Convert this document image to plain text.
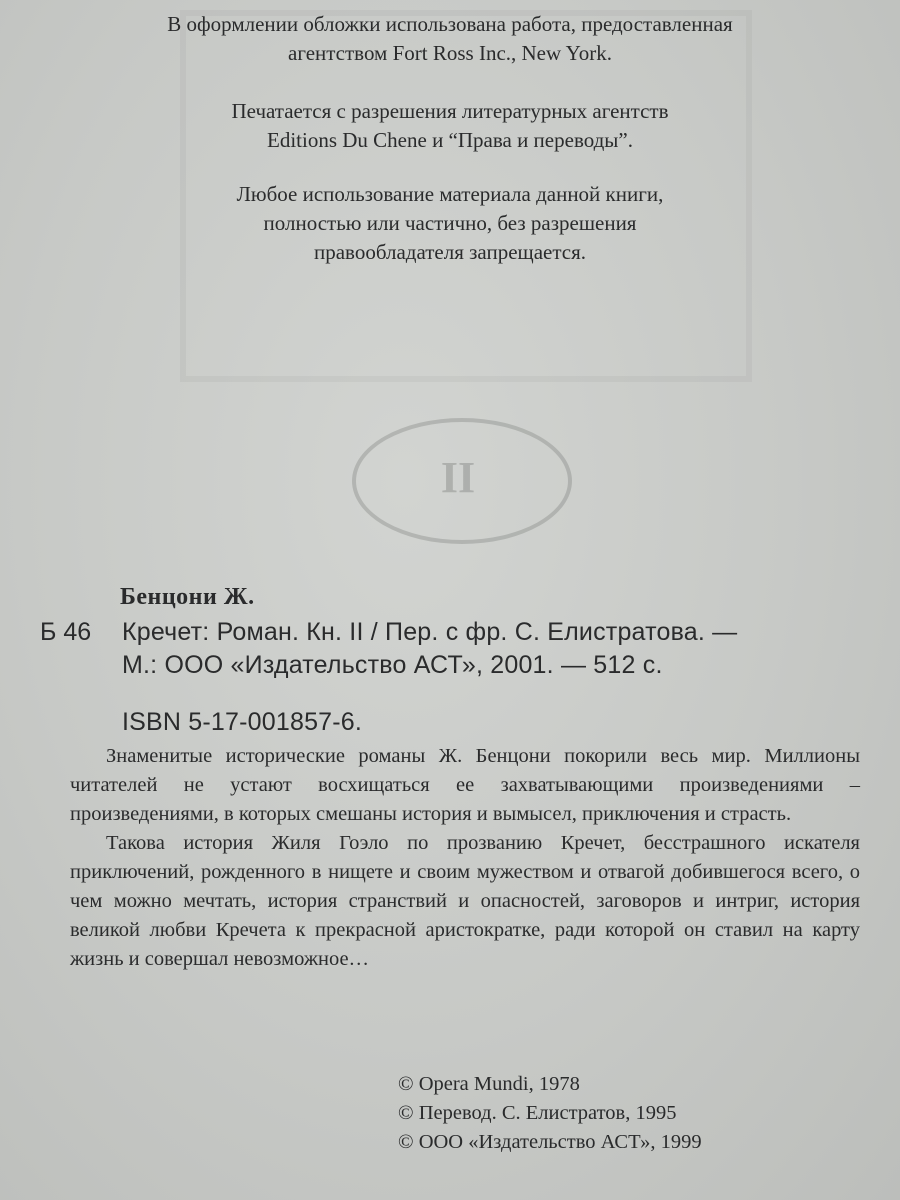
II
В оформлении обложки использована работа, предоставленная
агентством Fort Ross Inc., New York.
Печатается с разрешения литературных агентств
Editions Du Chene и “Права и переводы”.
Любое использование материала данной книги,
полностью или частично, без разрешения
правообладателя запрещается.
Бенцони Ж.
Б 46 Кречет: Роман. Кн. II / Пер. с фр. С. Елистратова. —
М.: ООО «Издательство АСТ», 2001. — 512 с.
ISBN 5-17-001857-6.

Знаменитые исторические романы Ж. Бенцони покорили весь мир. Миллионы читателей не устают восхищаться ее захватывающими произведениями – произведениями, в которых смешаны история и вымысел, приключения и страсть.

Такова история Жиля Гоэло по прозванию Кречет, бесстрашного искателя приключений, рожденного в нищете и своим мужеством и отвагой добившегося всего, о чем можно мечтать, история странствий и опасностей, заговоров и интриг, история великой любви Кречета к прекрасной аристократке, ради которой он ставил на карту жизнь и совершал невозможное…

© Opera Mundi, 1978
© Перевод. С. Елистратов, 1995
© ООО «Издательство АСТ», 1999
